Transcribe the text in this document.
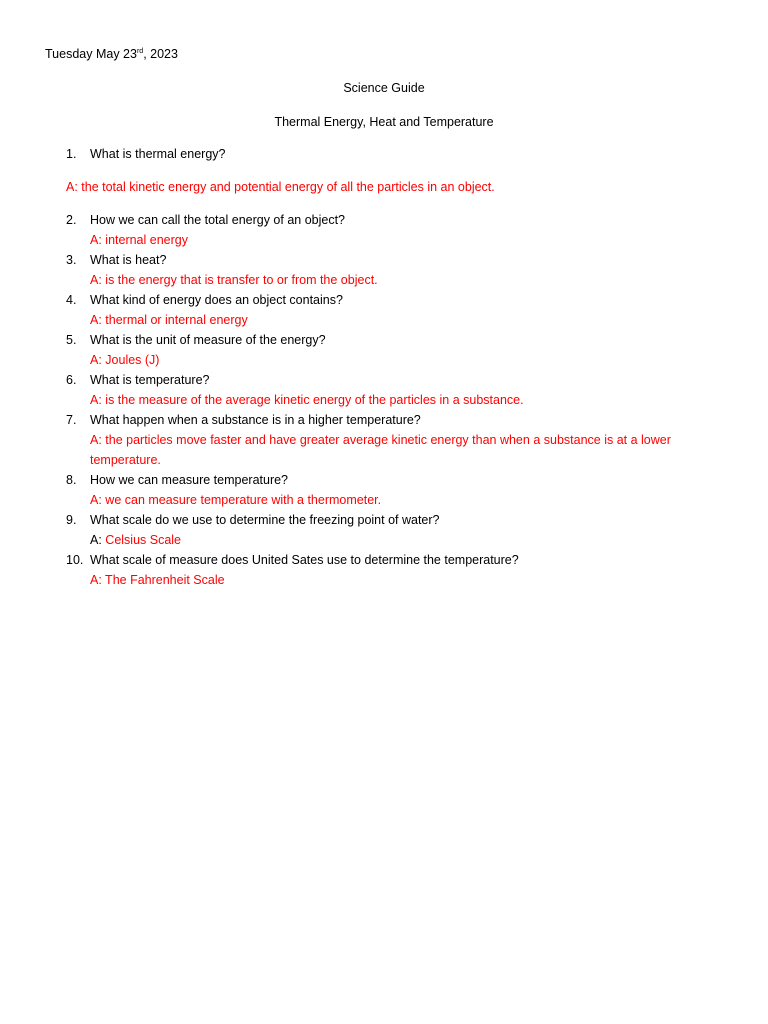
Tuesday May 23rd, 2023
Science Guide
Thermal Energy, Heat and Temperature
1. What is thermal energy?
A: the total kinetic energy and potential energy of all the particles in an object.
2. How we can call the total energy of an object?
A: internal energy
3. What is heat?
A: is the energy that is transfer to or from the object.
4. What kind of energy does an object contains?
A: thermal or internal energy
5. What is the unit of measure of the energy?
A: Joules (J)
6. What is temperature?
A: is the measure of the average kinetic energy of the particles in a substance.
7. What happen when a substance is in a higher temperature?
A: the particles move faster and have greater average kinetic energy than when a substance is at a lower
temperature.
8. How we can measure temperature?
A: we can measure temperature with a thermometer.
9. What scale do we use to determine the freezing point of water?
A: Celsius Scale
10. What scale of measure does United Sates use to determine the temperature?
A: The Fahrenheit Scale
